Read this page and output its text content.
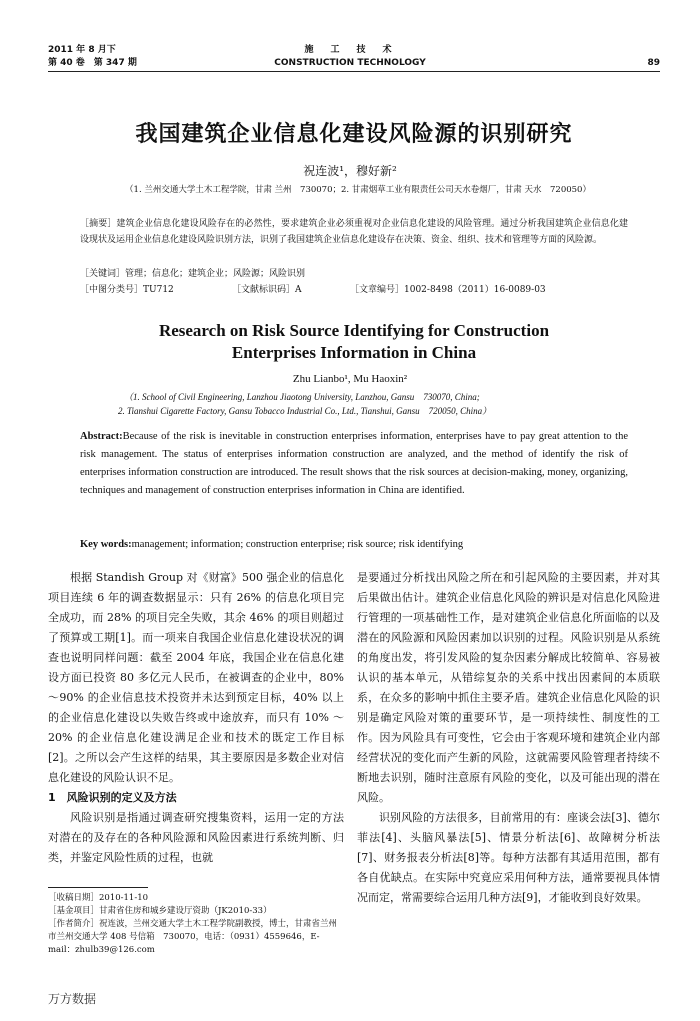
2011 年 8 月下
第 40 卷　第 347 期
施　工　技　术
CONSTRUCTION TECHNOLOGY	89
我国建筑企业信息化建设风险源的识别研究
祝连波¹，穆好新²
（1. 兰州交通大学土木工程学院，甘肃 兰州　730070；2. 甘肃烟草工业有限责任公司天水卷烟厂，甘肃 天水　720050）
［摘要］建筑企业信息化建设风险存在的必然性，要求建筑企业必须重视对企业信息化建设的风险管理。通过分析我国建筑企业信息化建设现状及运用企业信息化建设风险识别方法，识别了我国建筑企业信息化建设存在决策、资金、组织、技术和管理等方面的风险源。
［关键词］管理；信息化；建筑企业；风险源；风险识别
［中图分类号］TU712	［文献标识码］A	［文章编号］1002-8498（2011）16-0089-03
Research on Risk Source Identifying for Construction
Enterprises Information in China
Zhu Lianbo¹, Mu Haoxin²
（1. School of Civil Engineering, Lanzhou Jiaotong University, Lanzhou, Gansu　730070, China;
2. Tianshui Cigarette Factory, Gansu Tobacco Industrial Co., Ltd., Tianshui, Gansu　720050, China）
Abstract:Because of the risk is inevitable in construction enterprises information, enterprises have to pay great attention to the risk management. The status of enterprises information construction are analyzed, and the method of identify the risk of enterprises information construction are introduced. The result shows that the risk sources at decision-making, money, organizing, techniques and management of construction enterprises information in China are identified.
Key words:management; information; construction enterprise; risk source; risk identifying

根据 Standish Group 对《财富》500 强企业的信息化项目连续 6 年的调查数据显示：只有 26% 的信息化项目完全成功，而 28% 的项目完全失败，其余 46% 的项目则超过了预算或工期[1]。而一项来自我国企业信息化建设状况的调查也说明同样问题：截至 2004 年底，我国企业在信息化建设方面已投资 80 多亿元人民币，在被调查的企业中，80% ～90% 的企业信息技术投资并未达到预定目标，40% 以上的企业信息化建设以失败告终或中途放弃，而只有 10% ～20% 的企业信息化建设满足企业和技术的既定工作目标[2]。之所以会产生这样的结果，其主要原因是多数企业对信息化建设的风险认识不足。

1　风险识别的定义及方法

风险识别是指通过调查研究搜集资料，运用一定的方法对潜在的及存在的各种风险源和风险因素进行系统判断、归类，并鉴定风险性质的过程，也就

［收稿日期］2010-11-10
［基金项目］甘肃省住房和城乡建设厅资助（JK2010-33）
［作者简介］祝连波，兰州交通大学土木工程学院副教授，博士，甘肃省兰州市兰州交通大学 408 号信箱　730070，电话：（0931）4559646，E-mail：zhulb39@126.com

是要通过分析找出风险之所在和引起风险的主要因素，并对其后果做出估计。建筑企业信息化风险的辨识是对信息化风险进行管理的一项基础性工作，是对建筑企业信息化所面临的以及潜在的风险源和风险因素加以识别的过程。风险识别是从系统的角度出发，将引发风险的复杂因素分解成比较简单、容易被认识的基本单元，从错综复杂的关系中找出因素间的本质联系，在众多的影响中抓住主要矛盾。建筑企业信息化风险的识别是确定风险对策的重要环节，是一项持续性、制度性的工作。因为风险具有可变性，它会由于客观环境和建筑企业内部经营状况的变化而产生新的风险，这就需要风险管理者持续不断地去识别，随时注意原有风险的变化，以及可能出现的潜在风险。

识别风险的方法很多，目前常用的有：座谈会法[3]、德尔菲法[4]、头脑风暴法[5]、情景分析法[6]、故障树分析法[7]、财务报表分析法[8]等。每种方法都有其适用范围，都有各自优缺点。在实际中究竟应采用何种方法，通常要视具体情况而定，常需要综合运用几种方法[9]，才能收到良好效果。

万方数据
